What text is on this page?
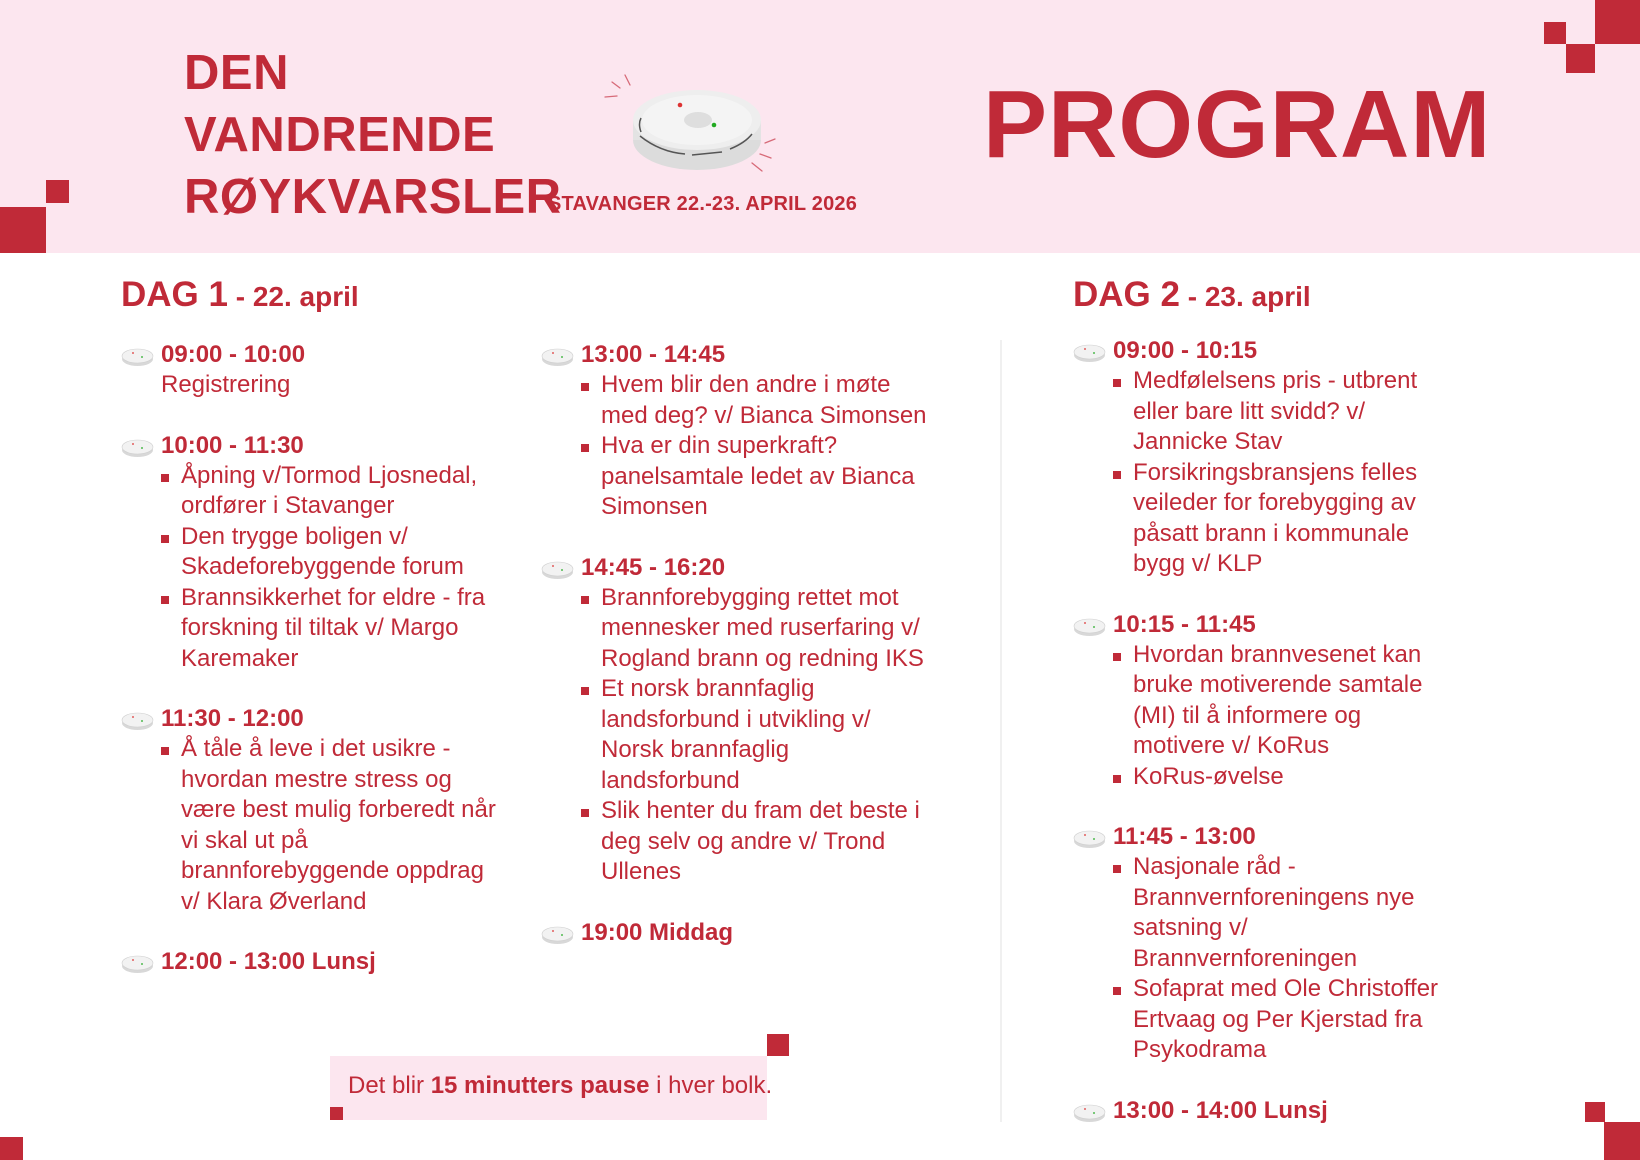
DEN
VANDRENDE
RØYKVARSLER
STAVANGER 22.-23. APRIL 2026
PROGRAM
DAG 1 - 22. april
09:00 - 10:00
Registrering
10:00 - 11:30
Åpning v/Tormod Ljosnedal, ordfører i Stavanger
Den trygge boligen v/ Skadeforebyggende forum
Brannsikkerhet for eldre - fra forskning til tiltak v/ Margo Karemaker
11:30 - 12:00
Å tåle å leve i det usikre - hvordan mestre stress og være best mulig forberedt når vi skal ut på brannforebyggende oppdrag v/ Klara Øverland
12:00 - 13:00 Lunsj
13:00 - 14:45
Hvem blir den andre i møte med deg? v/ Bianca Simonsen
Hva er din superkraft? panelsamtale ledet av Bianca Simonsen
14:45 - 16:20
Brannforebygging rettet mot mennesker med ruserfaring v/ Rogland brann og redning IKS
Et norsk brannfaglig landsforbund i utvikling v/ Norsk brannfaglig landsforbund
Slik henter du fram det beste i deg selv og andre v/ Trond Ullenes
19:00 Middag
DAG 2 - 23. april
09:00 - 10:15
Medfølelsens pris - utbrent eller bare litt svidd? v/ Jannicke Stav
Forsikringsbransjens felles veileder for forebygging av påsatt brann i kommunale bygg v/ KLP
10:15 - 11:45
Hvordan brannvesenet kan bruke motiverende samtale (MI) til å informere og motivere v/ KoRus
KoRus-øvelse
11:45 - 13:00
Nasjonale råd - Brannvernforeningens nye satsning v/ Brannvernforeningen
Sofaprat med Ole Christoffer Ertvaag og Per Kjerstad fra Psykodrama
13:00 - 14:00 Lunsj
Det blir 15 minutters pause i hver bolk.
